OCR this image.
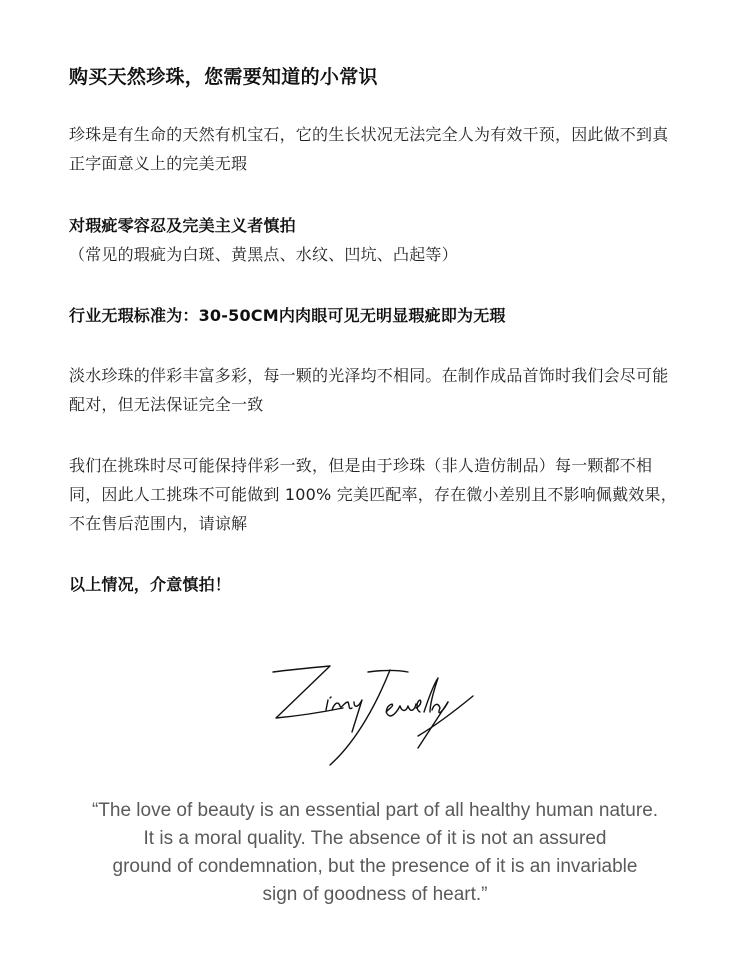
购买天然珍珠，您需要知道的小常识
珍珠是有生命的天然有机宝石，它的生长状况无法完全人为有效干预，因此做不到真正字面意义上的完美无瑕
对瑕疵零容忍及完美主义者慎拍（常见的瑕疵为白斑、黄黑点、水纹、凹坑、凸起等）
行业无瑕标准为：30-50CM内肉眼可见无明显瑕疵即为无瑕
淡水珍珠的伴彩丰富多彩，每一颗的光泽均不相同。在制作成品首饰时我们会尽可能配对，但无法保证完全一致
我们在挑珠时尽可能保持伴彩一致，但是由于珍珠（非人造仿制品）每一颗都不相同，因此人工挑珠不可能做到 100% 完美匹配率，存在微小差别且不影响佩戴效果，不在售后范围内，请谅解
以上情况，介意慎拍！
“The love of beauty is an essential part of all healthy human nature.
It is a moral quality. The absence of it is not an assured
ground of condemnation, but the presence of it is an invariable
sign of goodness of heart.”
